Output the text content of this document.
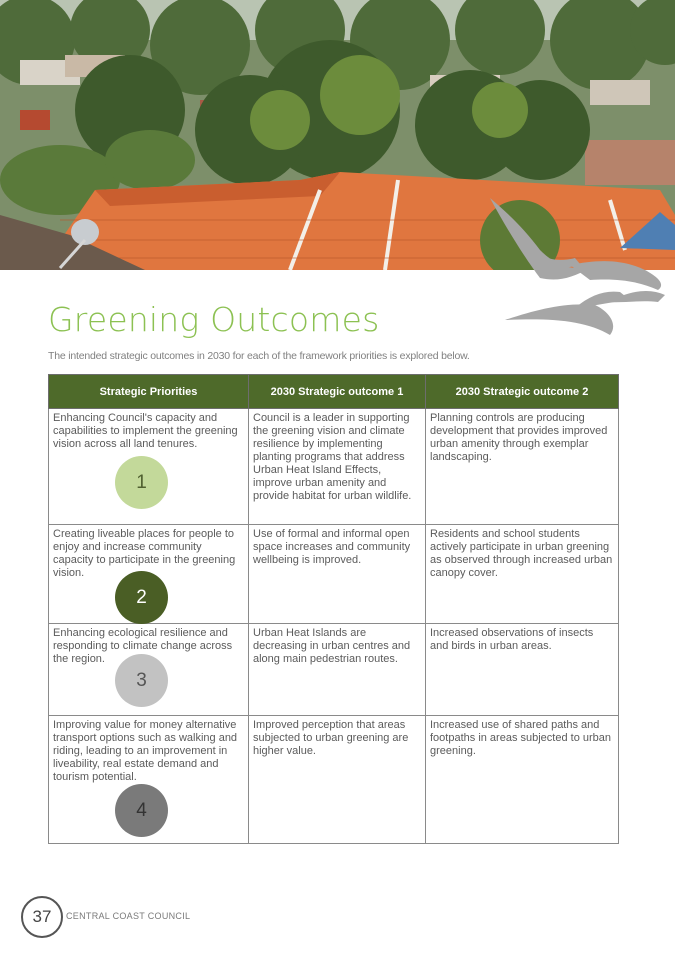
Greening Outcomes

The intended strategic outcomes in 2030 for each of the framework priorities is explored below.

Strategic Priorities	2030 Strategic outcome 1	2030 Strategic outcome 2
Enhancing Council's capacity and capabilities to implement the greening vision across all land tenures.
1	Council is a leader in supporting the greening vision and climate resilience by implementing planting programs that address Urban Heat Island Effects, improve urban amenity and provide habitat for urban wildlife.	Planning controls are producing development that provides improved urban amenity through exemplar landscaping.
Creating liveable places for people to enjoy and increase community capacity to participate in the greening vision.
2	Use of formal and informal open space increases and community wellbeing is improved.	Residents and school students actively participate in urban greening as observed through increased urban canopy cover.
Enhancing ecological resilience and responding to climate change across the region.
3	Urban Heat Islands are decreasing in urban centres and along main pedestrian routes.	Increased observations of insects and birds in urban areas.
Improving value for money alternative transport options such as walking and riding, leading to an improvement in liveability, real estate demand and tourism potential.
4	Improved perception that areas subjected to urban greening are higher value.	Increased use of shared paths and footpaths in areas subjected to urban greening.
37	CENTRAL COAST COUNCIL
